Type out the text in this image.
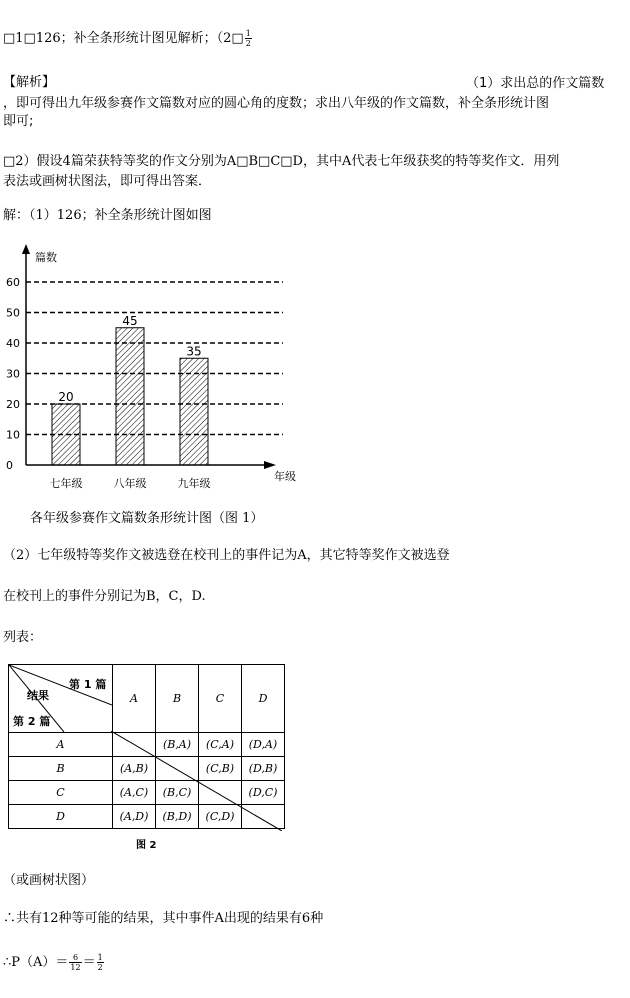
□1□126；补全条形统计图见解析；（2□ $\frac{1}{2}$
【解析】	（1）求出总的作文篇数
，即可得出九年级参赛作文篇数对应的圆心角的度数；求出八年级的作文篇数，补全条形统计图
即可;
□2）假设4篇荣获特等奖的作文分别为A□B□C□D，其中A代表七年级获奖的特等奖作文．用列
表法或画树状图法，即可得出答案．
解：（1）126；补全条形统计图如图
0
10
20
30
40
50
60
篇数
年级
20
七年级
45
八年级
35
九年级
各年级参赛作文篇数条形统计图（图 1）
（2）七年级特等奖作文被选登在校刊上的事件记为A，其它特等奖作文被选登
在校刊上的事件分别记为B，C，D.
列表：
第 1 篇
结果
第 2 篇	A	B	C	D
A		(B,A)	(C,A)	(D,A)
B	(A,B)		(C,B)	(D,B)
C	(A,C)	(B,C)		(D,C)
D	(A,D)	(B,D)	(C,D)	
图 2
（或画树状图）
∴共有12种等可能的结果，其中事件A出现的结果有6种
∴P（A）＝ $\frac{6}{12} = \frac{1}{2}$
